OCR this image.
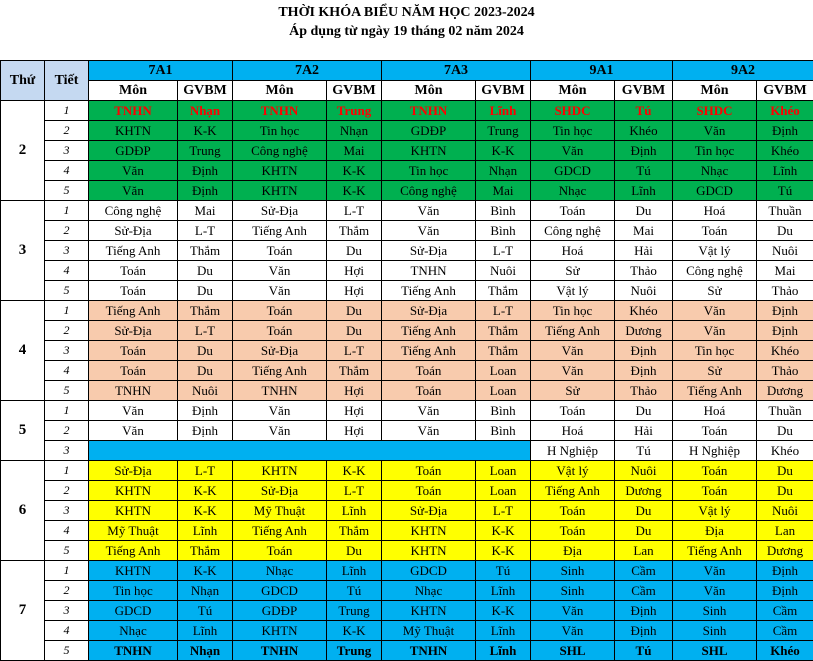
THỜI KHÓA BIỂU NĂM HỌC 2023-2024
Áp dụng từ ngày 19 tháng 02 năm 2024
Thứ	Tiết	7A1		7A2		7A3		9A1		9A2	
		Môn	GVBM	Môn	GVBM	Môn	GVBM	Môn	GVBM	Môn	GVBM
2	1	TNHN	Nhạn	TNHN	Trung	TNHN	Lĩnh	SHDC	Tú	SHDC	Khéo
	2	KHTN	K-K	Tin học	Nhạn	GDĐP	Trung	Tin học	Khéo	Văn	Định
	3	GDĐP	Trung	Công nghệ	Mai	KHTN	K-K	Văn	Định	Tin học	Khéo
	4	Văn	Định	KHTN	K-K	Tin học	Nhạn	GDCD	Tú	Nhạc	Lĩnh
	5	Văn	Định	KHTN	K-K	Công nghệ	Mai	Nhạc	Lĩnh	GDCD	Tú
3	1	Công nghệ	Mai	Sử-Địa	L-T	Văn	Bình	Toán	Du	Hoá	Thuần
	2	Sử-Địa	L-T	Tiếng Anh	Thắm	Văn	Bình	Công nghệ	Mai	Toán	Du
	3	Tiếng Anh	Thắm	Toán	Du	Sử-Địa	L-T	Hoá	Hải	Vật lý	Nuôi
	4	Toán	Du	Văn	Hợi	TNHN	Nuôi	Sử	Thảo	Công nghệ	Mai
	5	Toán	Du	Văn	Hợi	Tiếng Anh	Thắm	Vật lý	Nuôi	Sử	Thảo
4	1	Tiếng Anh	Thắm	Toán	Du	Sử-Địa	L-T	Tin học	Khéo	Văn	Định
	2	Sử-Địa	L-T	Toán	Du	Tiếng Anh	Thắm	Tiếng Anh	Dương	Văn	Định
	3	Toán	Du	Sử-Địa	L-T	Tiếng Anh	Thắm	Văn	Định	Tin học	Khéo
	4	Toán	Du	Tiếng Anh	Thắm	Toán	Loan	Văn	Định	Sử	Thảo
	5	TNHN	Nuôi	TNHN	Hợi	Toán	Loan	Sử	Thảo	Tiếng Anh	Dương
5	1	Văn	Định	Văn	Hợi	Văn	Bình	Toán	Du	Hoá	Thuần
	2	Văn	Định	Văn	Hợi	Văn	Bình	Hoá	Hải	Toán	Du
	3							H Nghiệp	Tú	H Nghiệp	Khéo
6	1	Sử-Địa	L-T	KHTN	K-K	Toán	Loan	Vật lý	Nuôi	Toán	Du
	2	KHTN	K-K	Sử-Địa	L-T	Toán	Loan	Tiếng Anh	Dương	Toán	Du
	3	KHTN	K-K	Mỹ Thuật	Lĩnh	Sử-Địa	L-T	Toán	Du	Vật lý	Nuôi
	4	Mỹ Thuật	Lĩnh	Tiếng Anh	Thắm	KHTN	K-K	Toán	Du	Địa	Lan
	5	Tiếng Anh	Thắm	Toán	Du	KHTN	K-K	Địa	Lan	Tiếng Anh	Dương
7	1	KHTN	K-K	Nhạc	Lĩnh	GDCD	Tú	Sinh	Cầm	Văn	Định
	2	Tin học	Nhạn	GDCD	Tú	Nhạc	Lĩnh	Sinh	Cầm	Văn	Định
	3	GDCD	Tú	GDĐP	Trung	KHTN	K-K	Văn	Định	Sinh	Cầm
	4	Nhạc	Lĩnh	KHTN	K-K	Mỹ Thuật	Lĩnh	Văn	Định	Sinh	Cầm
	5	TNHN	Nhạn	TNHN	Trung	TNHN	Lĩnh	SHL	Tú	SHL	Khéo
